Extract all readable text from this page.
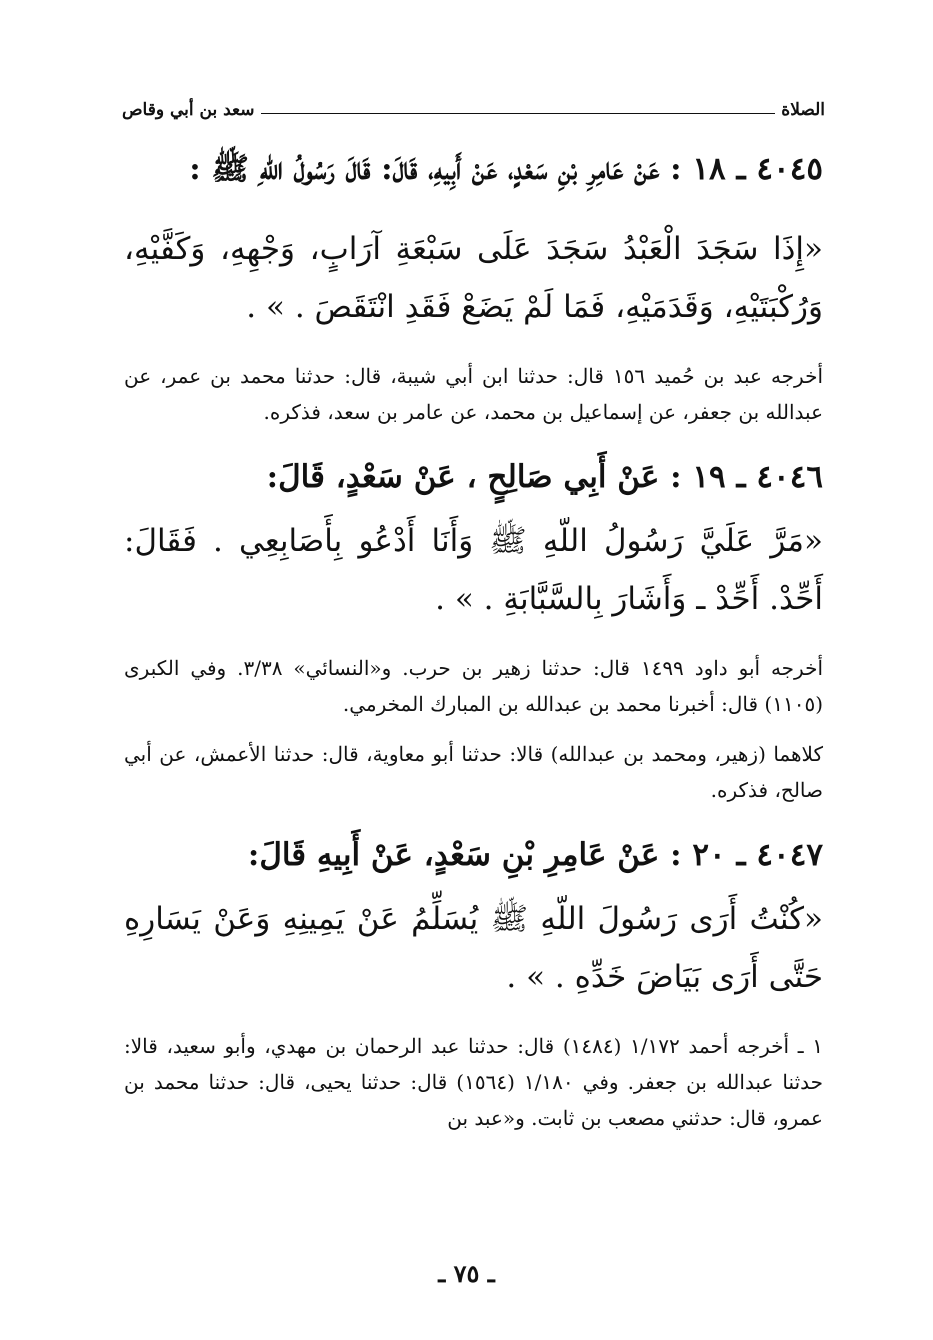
الصلاة
سعد بن أبي وقاص
٤٠٤٥ ـ ١٨ : عَنْ عَامِرِ بْنِ سَعْدٍ، عَنْ أَبِيهِ، قَالَ: قَالَ رَسُولُ اللّهِ ﷺ :
«إِذَا سَجَدَ الْعَبْدُ سَجَدَ عَلَى سَبْعَةِ آرَابٍ، وَجْهِهِ، وَكَفَّيْهِ، وَرُكْبَتَيْهِ، وَقَدَمَيْهِ، فَمَا لَمْ يَضَعْ فَقَدِ انْتَقَصَ . » .
أخرجه عبد بن حُميد ١٥٦ قال: حدثنا ابن أبي شيبة، قال: حدثنا محمد بن عمر، عن عبدالله بن جعفر، عن إسماعيل بن محمد، عن عامر بن سعد، فذكره.
٤٠٤٦ ـ ١٩ : عَنْ أَبِي صَالِحٍ ، عَنْ سَعْدٍ، قَالَ:
«مَرَّ عَلَيَّ رَسُولُ اللّهِ ﷺ وَأَنَا أَدْعُو بِأَصَابِعِي . فَقَالَ: أَحِّدْ. أَحِّدْ ـ وَأَشَارَ بِالسَّبَّابَةِ . » .
أخرجه أبو داود ١٤٩٩ قال: حدثنا زهير بن حرب. و«النسائي» ٣/٣٨. وفي الكبرى (١١٠٥) قال: أخبرنا محمد بن عبدالله بن المبارك المخرمي.
كلاهما (زهير، ومحمد بن عبدالله) قالا: حدثنا أبو معاوية، قال: حدثنا الأعمش، عن أبي صالح، فذكره.
٤٠٤٧ ـ ٢٠ : عَنْ عَامِرِ بْنِ سَعْدٍ، عَنْ أَبِيهِ قَالَ:
«كُنْتُ أَرَى رَسُولَ اللّهِ ﷺ يُسَلِّمُ عَنْ يَمِينِهِ وَعَنْ يَسَارِهِ حَتَّى أَرَى بَيَاضَ خَدِّهِ . » .
١ ـ أخرجه أحمد ١/١٧٢ (١٤٨٤) قال: حدثنا عبد الرحمان بن مهدي، وأبو سعيد، قالا: حدثنا عبدالله بن جعفر. وفي ١/١٨٠ (١٥٦٤) قال: حدثنا يحيى، قال: حدثنا محمد بن عمرو، قال: حدثني مصعب بن ثابت. و«عبد بن
ـ ٧٥ ـ
